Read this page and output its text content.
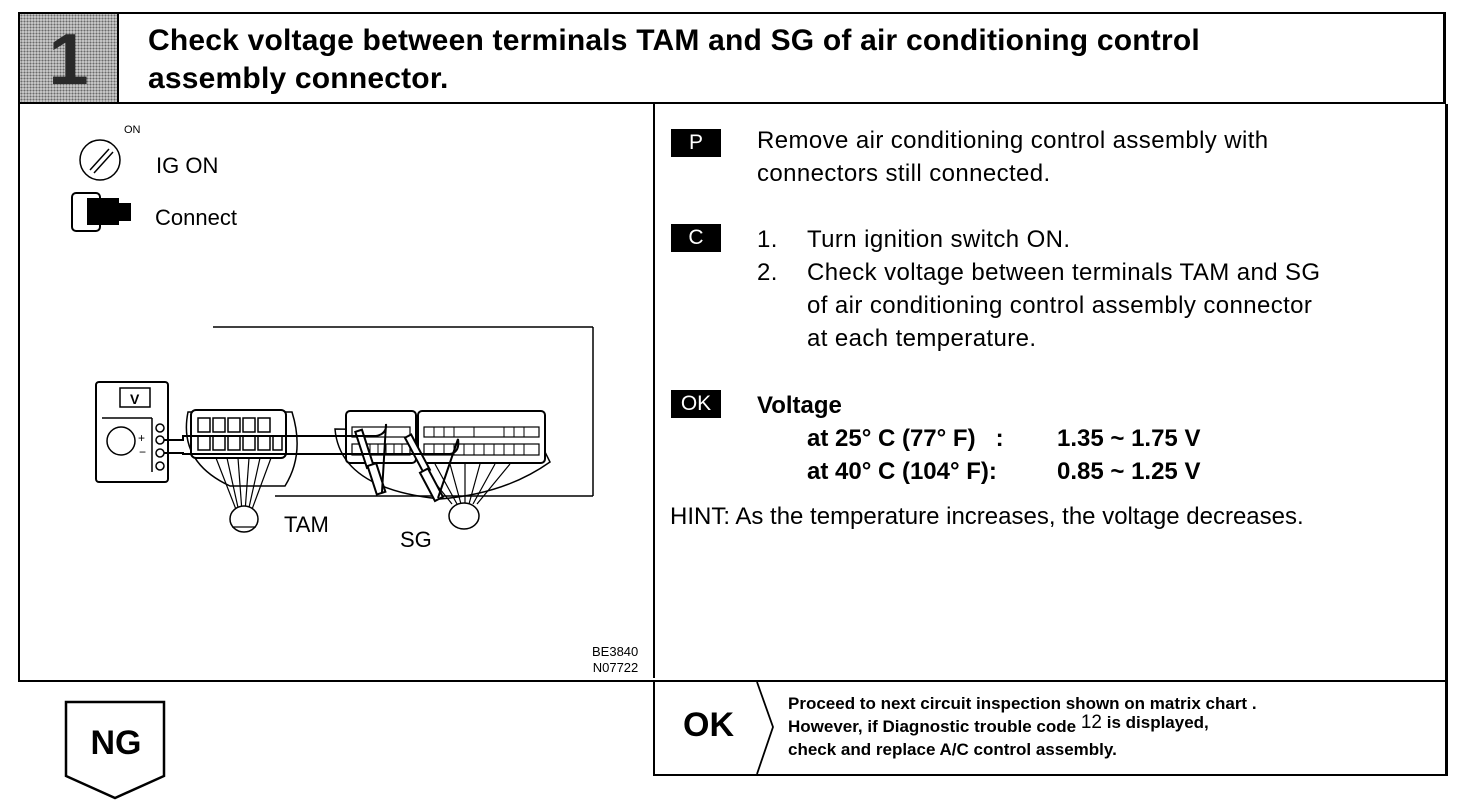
1	Check voltage between terminals TAM and SG of air conditioning control
assembly connector.
ON
IG ON
Connect
+
−
V
TAM
SG
BE3840
N07722
P	Remove air conditioning control assembly with
connectors still connected.
C	1. Turn ignition switch ON.
2. Check voltage between terminals TAM and SG
of air conditioning control assembly connector
at each temperature.
OK	Voltage
at 25° C (77° F)   : 1.35 ~ 1.75 V
at 40° C (104° F):	0.85 ~ 1.25 V
HINT: As the temperature increases, the voltage decreases.
NG	OK
Proceed to next circuit inspection shown on matrix chart .
However, if Diagnostic trouble code 12 is displayed,
check and replace A/C control assembly.
